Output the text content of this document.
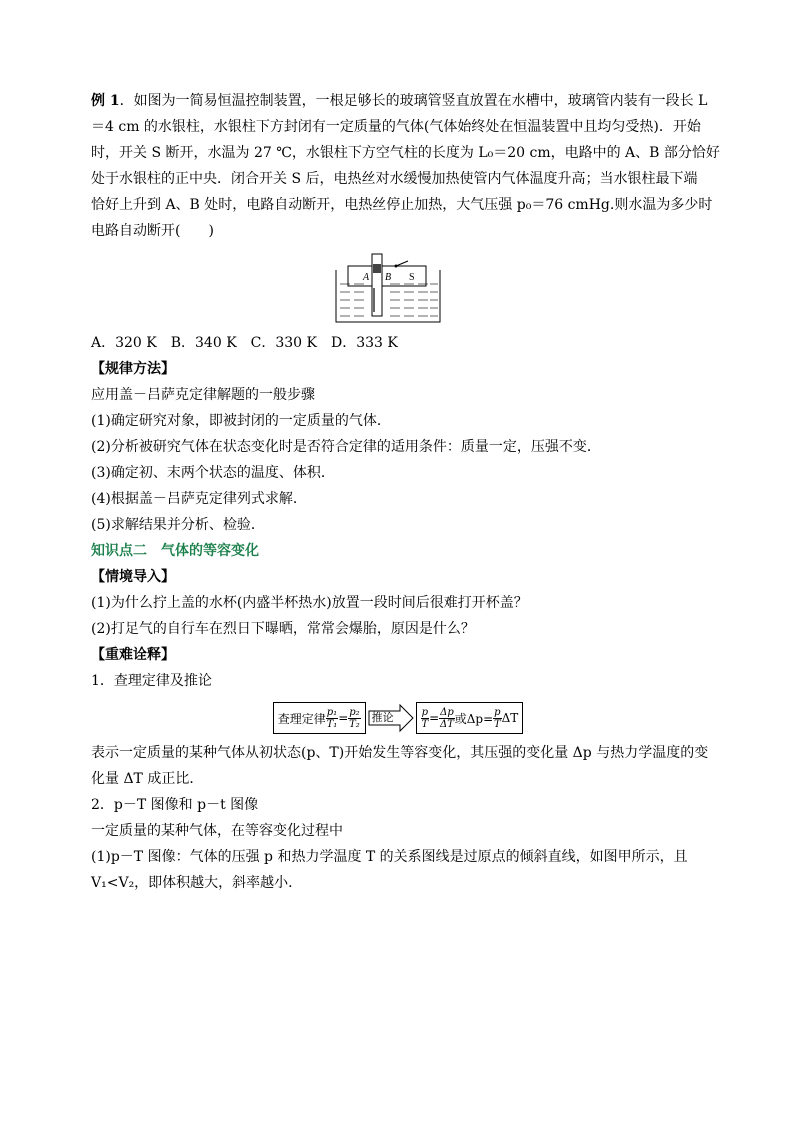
例 1．如图为一简易恒温控制装置，一根足够长的玻璃管竖直放置在水槽中，玻璃管内装有一段长 L
＝4 cm 的水银柱，水银柱下方封闭有一定质量的气体(气体始终处在恒温装置中且均匀受热)．开始
时，开关 S 断开，水温为 27 ℃，水银柱下方空气柱的长度为 L₀＝20 cm，电路中的 A、B 部分恰好
处于水银柱的正中央．闭合开关 S 后，电热丝对水缓慢加热使管内气体温度升高；当水银柱最下端
恰好上升到 A、B 处时，电路自动断开，电热丝停止加热，大气压强 p₀＝76 cmHg.则水温为多少时
电路自动断开(　　)
A B S
A．320 K　B．340 K　C．330 K　D．333 K
【规律方法】
应用盖－吕萨克定律解题的一般步骤
(1)确定研究对象，即被封闭的一定质量的气体．
(2)分析被研究气体在状态变化时是否符合定律的适用条件：质量一定，压强不变．
(3)确定初、末两个状态的温度、体积．
(4)根据盖－吕萨克定律列式求解．
(5)求解结果并分析、检验．
知识点二　气体的等容变化
【情境导入】
(1)为什么拧上盖的水杯(内盛半杯热水)放置一段时间后很难打开杯盖？
(2)打足气的自行车在烈日下曝晒，常常会爆胎，原因是什么？
【重难诠释】
1．查理定律及推论
查理定律 $\frac{\text{p₁}}{\text{T₁}} = \frac{\text{p₂}}{\text{T₂}}$ 推论	$\frac{p}{T} = \frac{\Delta p}{\Delta T}$ 或$\Delta p= \frac{p}{T}$ ΔT
表示一定质量的某种气体从初状态(p、T)开始发生等容变化，其压强的变化量 Δp 与热力学温度的变
化量 ΔT 成正比．
2．p－T 图像和 p－t 图像
一定质量的某种气体，在等容变化过程中
(1)p－T 图像：气体的压强 p 和热力学温度 T 的关系图线是过原点的倾斜直线，如图甲所示，且
V₁<V₂，即体积越大，斜率越小．
